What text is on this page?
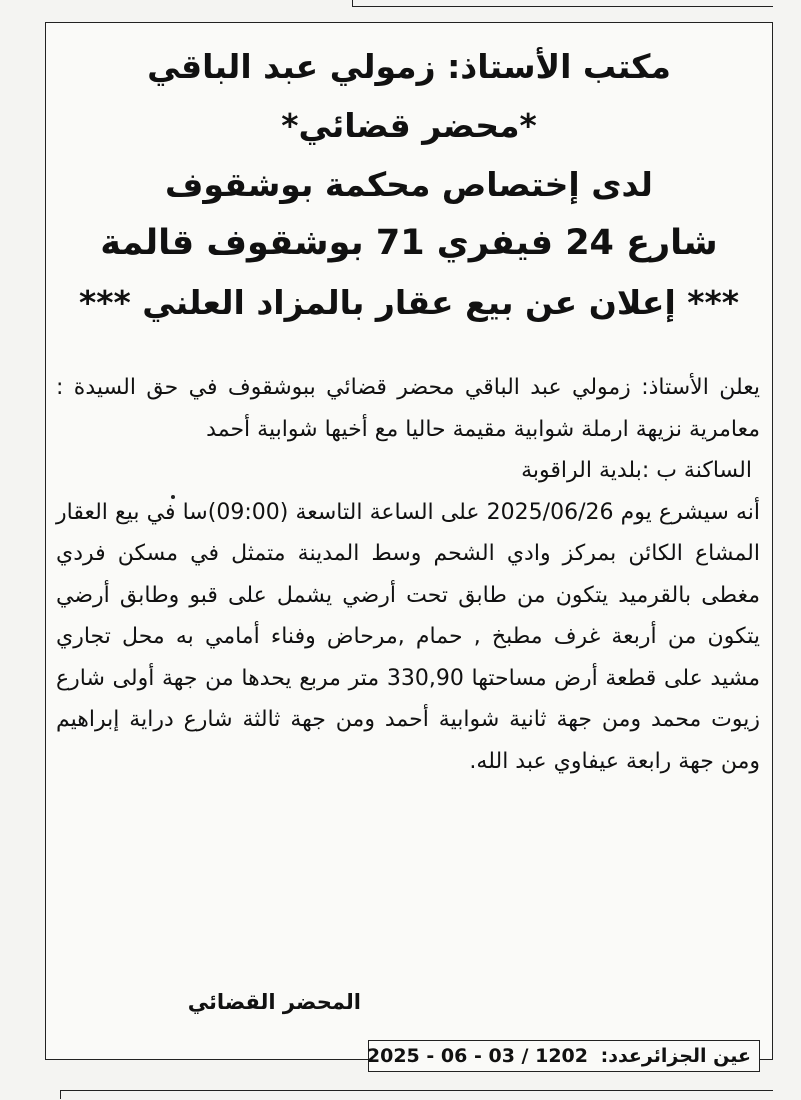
مكتب الأستاذ: زمولي عبد الباقي

*محضر قضائي*

لدى إختصاص محكمة بوشقوف

شارع 24 فيفري 71 بوشقوف قالمة

*** إعلان عن بيع عقار بالمزاد العلني ***

يعلن الأستاذ: زمولي عبد الباقي محضر قضائي ببوشقوف في حق السيدة : معامرية نزيهة ارملة شوابية مقيمة حاليا مع أخيها شوابية أحمد

الساكنة ب :بلدية الراقوبة

أنه سيشرع يوم 2025/06/26 على الساعة التاسعة (09:00)سا في بيع العقار المشاع الكائن بمركز وادي الشحم وسط المدينة متمثل في مسكن فردي مغطى بالقرميد يتكون من طابق تحت أرضي يشمل على قبو وطابق أرضي يتكون من أربعة غرف مطبخ , حمام ,مرحاض وفناء أمامي به محل تجاري مشيد على قطعة أرض مساحتها 330,90 متر مربع يحدها من جهة أولى شارع زيوت محمد ومن جهة ثانية شوابية أحمد ومن جهة ثالثة شارع دراية إبراهيم ومن جهة رابعة عيفاوي عبد الله.

المحضر القضائي
عين الجزائرعدد: 1202 / 03 - 06 - 2025
